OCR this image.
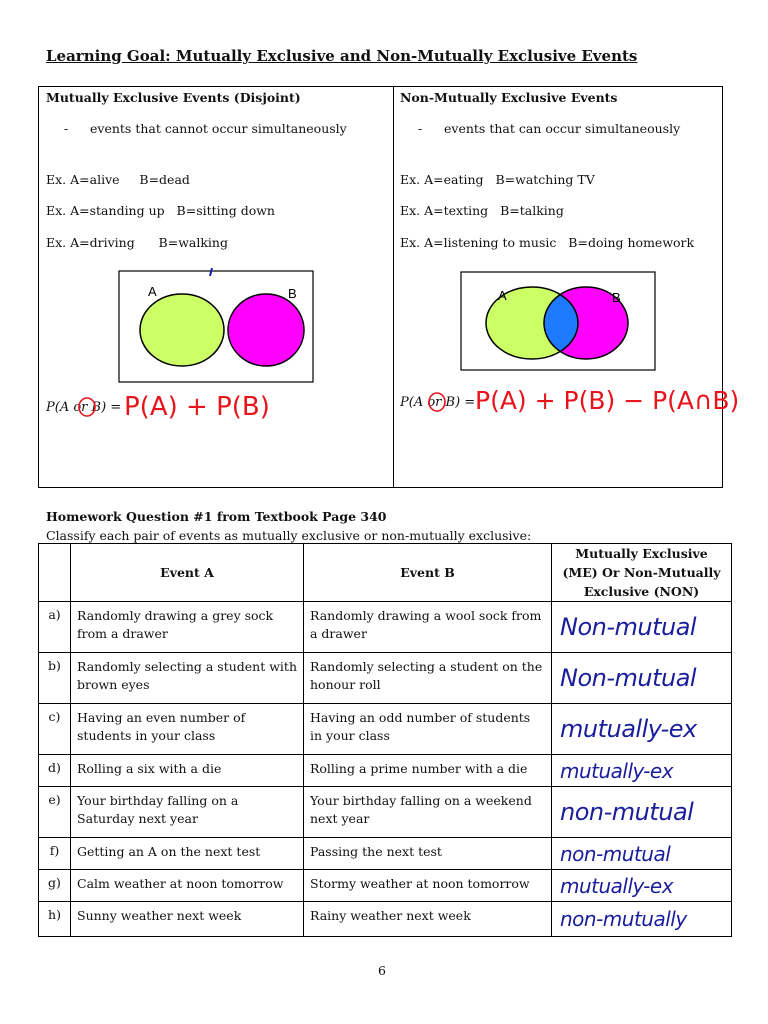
Learning Goal: Mutually Exclusive and Non-Mutually Exclusive Events
Mutually Exclusive Events (Disjoint)
- events that cannot occur simultaneously
Ex. A=alive     B=dead
Ex. A=standing up   B=sitting down
Ex. A=driving      B=walking
A	B
P(A or B) = P(A) + P(B)
Non-Mutually Exclusive Events
- events that can occur simultaneously
Ex. A=eating   B=watching TV
Ex. A=texting   B=talking
Ex. A=listening to music   B=doing homework
A	B
P(A or B) = P(A) + P(B) − P(A∩B)
Homework Question #1 from Textbook Page 340
Classify each pair of events as mutually exclusive or non-mutually exclusive:
	Event A	Event B	Mutually Exclusive (ME) Or Non-Mutually Exclusive (NON)
a)	Randomly drawing a grey sock from a drawer	Randomly drawing a wool sock from a drawer	Non-mutual
b)	Randomly selecting a student with brown eyes	Randomly selecting a student on the honour roll	Non-mutual
c)	Having an even number of students in your class	Having an odd number of students in your class	mutually-ex
d)	Rolling a six with a die	Rolling a prime number with a die	mutually-ex
e)	Your birthday falling on a Saturday next year	Your birthday falling on a weekend next year	non-mutual
f)	Getting an A on the next test	Passing the next test	non-mutual
g)	Calm weather at noon tomorrow	Stormy weather at noon tomorrow	mutually-ex
h)	Sunny weather next week	Rainy weather next week	non-mutually
6
